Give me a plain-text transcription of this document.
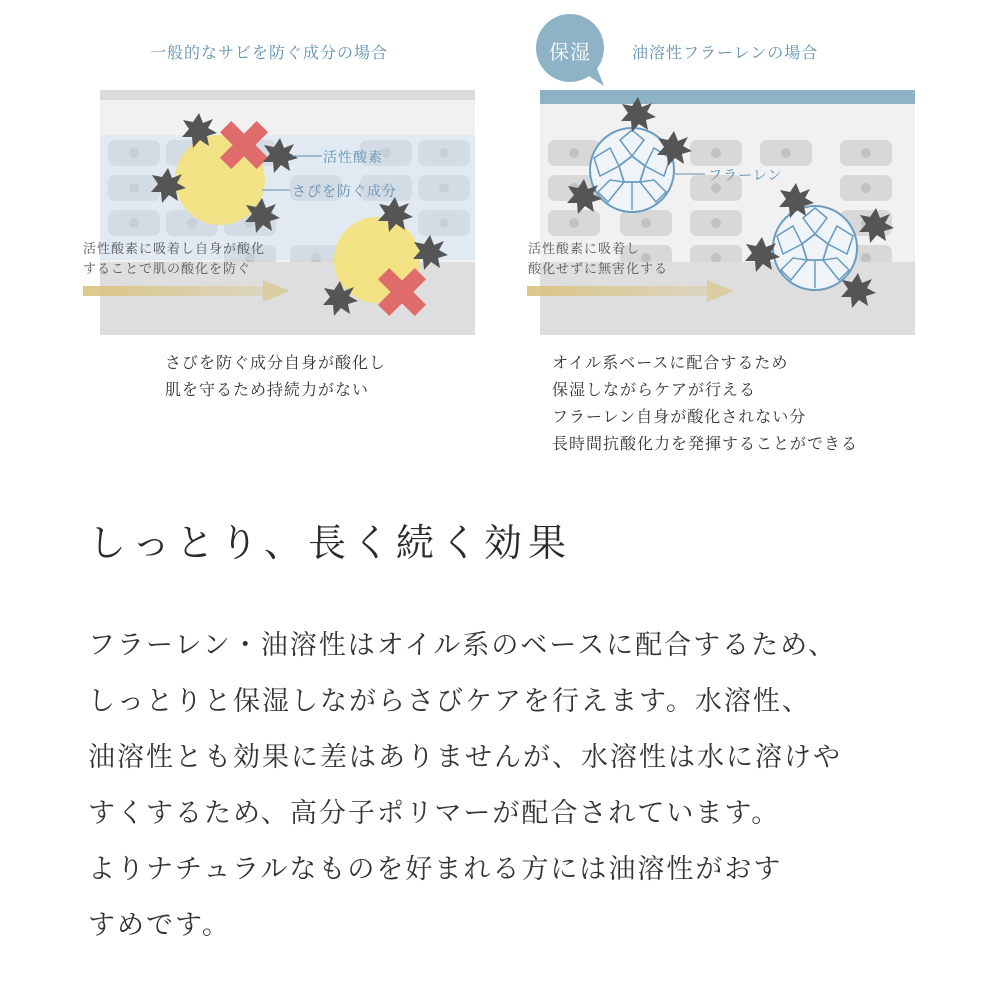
一般的なサビを防ぐ成分の場合
活性酸素
さびを防ぐ成分
活性酸素に吸着し自身が酸化
することで肌の酸化を防ぐ
さびを防ぐ成分自身が酸化し
肌を守るため持続力がない
保湿	油溶性フラーレンの場合
フラーレン
活性酸素に吸着し
酸化せずに無害化する
オイル系ベースに配合するため
保湿しながらケアが行える
フラーレン自身が酸化されない分
長時間抗酸化力を発揮することができる
しっとり、長く続く効果

フラーレン・油溶性はオイル系のベースに配合するため、

しっとりと保湿しながらさびケアを行えます。水溶性、

油溶性とも効果に差はありませんが、水溶性は水に溶けや

すくするため、高分子ポリマーが配合されています。

よりナチュラルなものを好まれる方には油溶性がおす

すめです。
